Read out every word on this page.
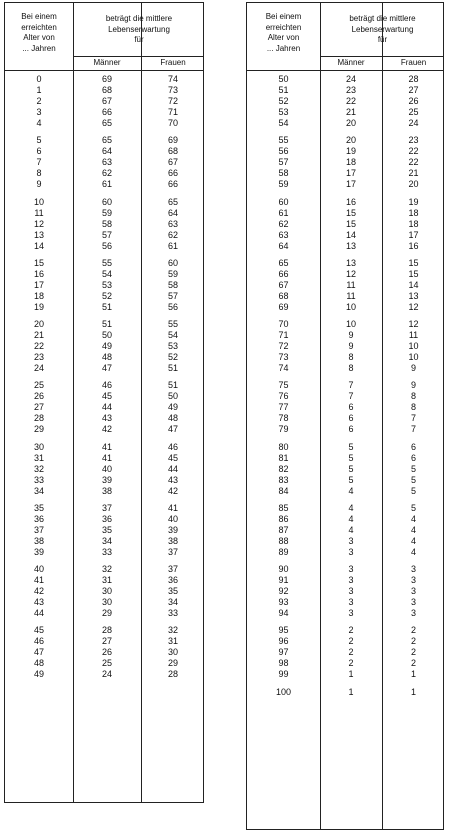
Bei einem
erreichten
Alter von
... Jahren
beträgt die mittlere
Lebenserwartung
für
Männer	Frauen
0	69	74
1	68	73
2	67	72
3	66	71
4	65	70
5	65	69
6	64	68
7	63	67
8	62	66
9	61	66
10	60	65
11	59	64
12	58	63
13	57	62
14	56	61
15	55	60
16	54	59
17	53	58
18	52	57
19	51	56
20	51	55
21	50	54
22	49	53
23	48	52
24	47	51
25	46	51
26	45	50
27	44	49
28	43	48
29	42	47
30	41	46
31	41	45
32	40	44
33	39	43
34	38	42
35	37	41
36	36	40
37	35	39
38	34	38
39	33	37
40	32	37
41	31	36
42	30	35
43	30	34
44	29	33
45	28	32
46	27	31
47	26	30
48	25	29
49	24	28
Bei einem
erreichten
Alter von
... Jahren
beträgt die mittlere
Lebenserwartung
für
Männer	Frauen
50	24	28
51	23	27
52	22	26
53	21	25
54	20	24
55	20	23
56	19	22
57	18	22
58	17	21
59	17	20
60	16	19
61	15	18
62	15	18
63	14	17
64	13	16
65	13	15
66	12	15
67	11	14
68	11	13
69	10	12
70	10	12
71	9	11
72	9	10
73	8	10
74	8	9
75	7	9
76	7	8
77	6	8
78	6	7
79	6	7
80	5	6
81	5	6
82	5	5
83	5	5
84	4	5
85	4	5
86	4	4
87	4	4
88	3	4
89	3	4
90	3	3
91	3	3
92	3	3
93	3	3
94	3	3
95	2	2
96	2	2
97	2	2
98	2	2
99	1	1
100	1	1
